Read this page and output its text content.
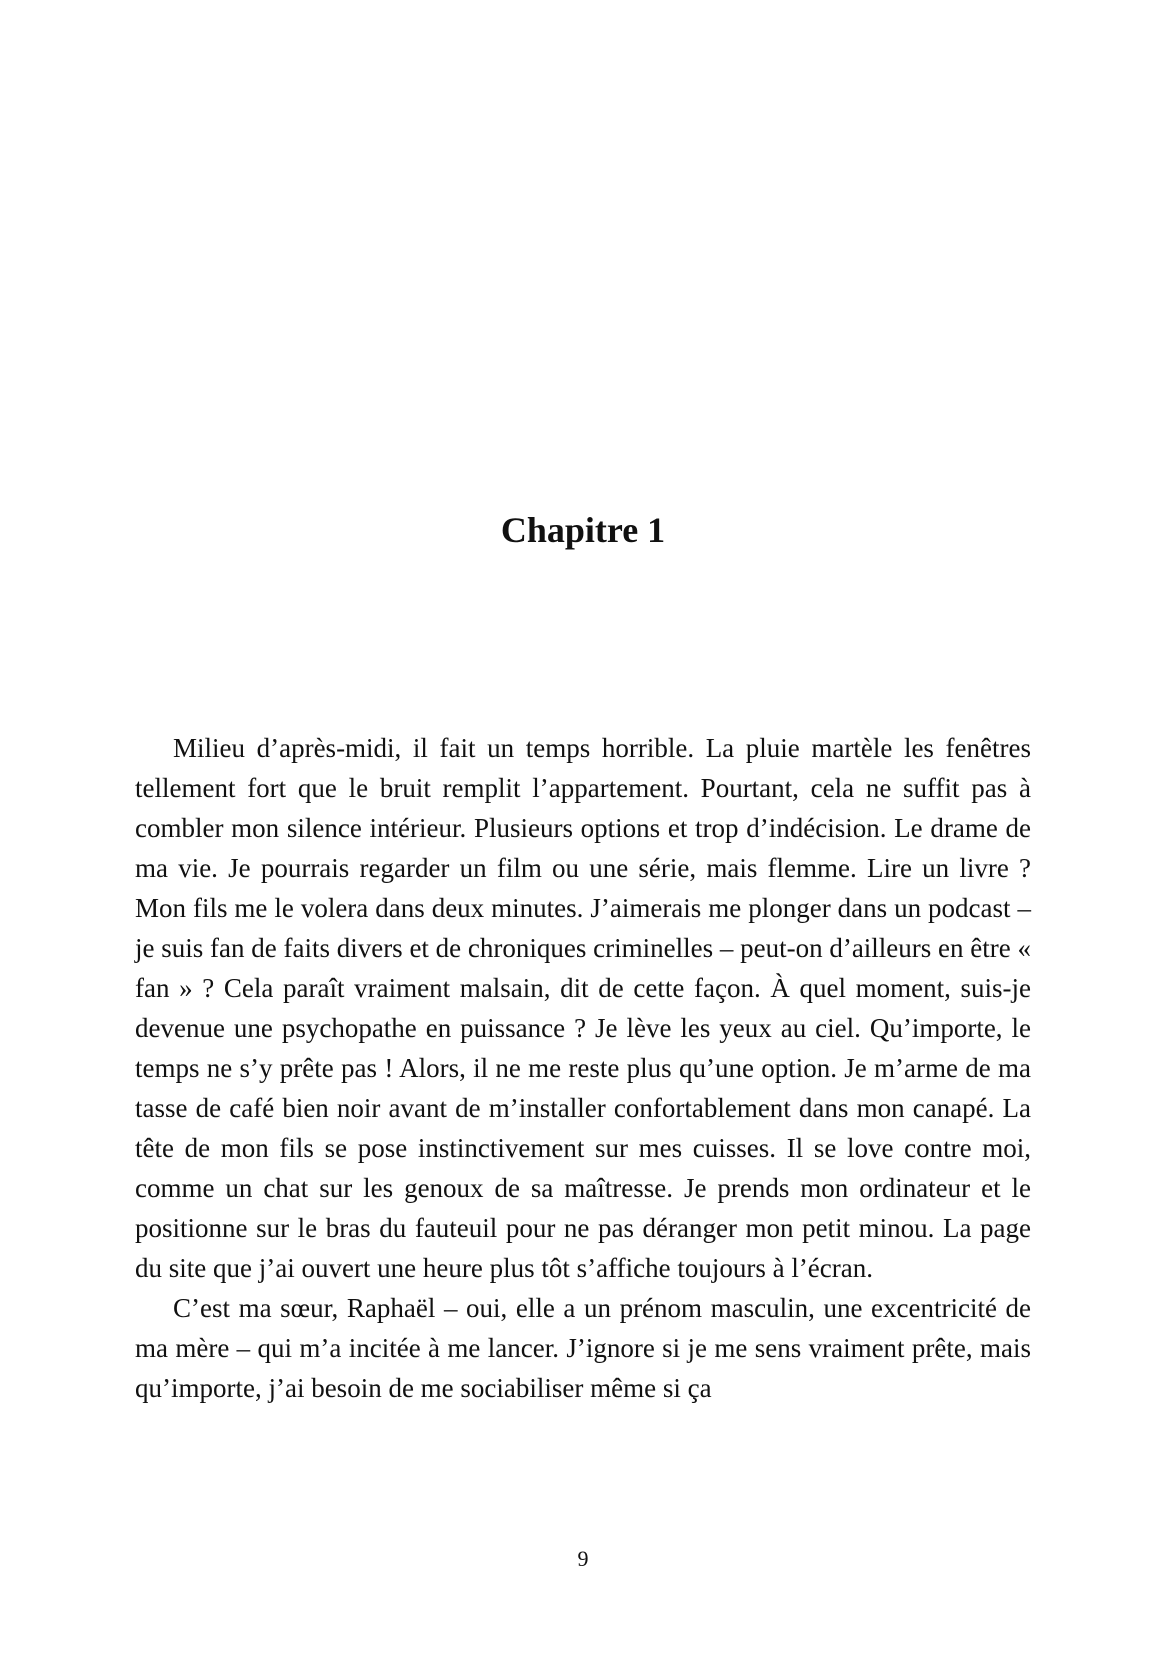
Chapitre 1

Milieu d’après-midi, il fait un temps horrible. La pluie martèle les fenêtres tellement fort que le bruit remplit l’appartement. Pourtant, cela ne suffit pas à combler mon silence intérieur. Plusieurs options et trop d’indécision. Le drame de ma vie. Je pourrais regarder un film ou une série, mais flemme. Lire un livre ? Mon fils me le volera dans deux minutes. J’aimerais me plonger dans un podcast – je suis fan de faits divers et de chroniques criminelles – peut-on d’ailleurs en être « fan » ? Cela paraît vraiment malsain, dit de cette façon. À quel moment, suis-je devenue une psychopathe en puissance ? Je lève les yeux au ciel. Qu’importe, le temps ne s’y prête pas ! Alors, il ne me reste plus qu’une option. Je m’arme de ma tasse de café bien noir avant de m’installer confortablement dans mon canapé. La tête de mon fils se pose instinctivement sur mes cuisses. Il se love contre moi, comme un chat sur les genoux de sa maîtresse. Je prends mon ordinateur et le positionne sur le bras du fauteuil pour ne pas déranger mon petit minou. La page du site que j’ai ouvert une heure plus tôt s’affiche toujours à l’écran.

C’est ma sœur, Raphaël – oui, elle a un prénom masculin, une excentricité de ma mère – qui m’a incitée à me lancer. J’ignore si je me sens vraiment prête, mais qu’importe, j’ai besoin de me sociabiliser même si ça

9
